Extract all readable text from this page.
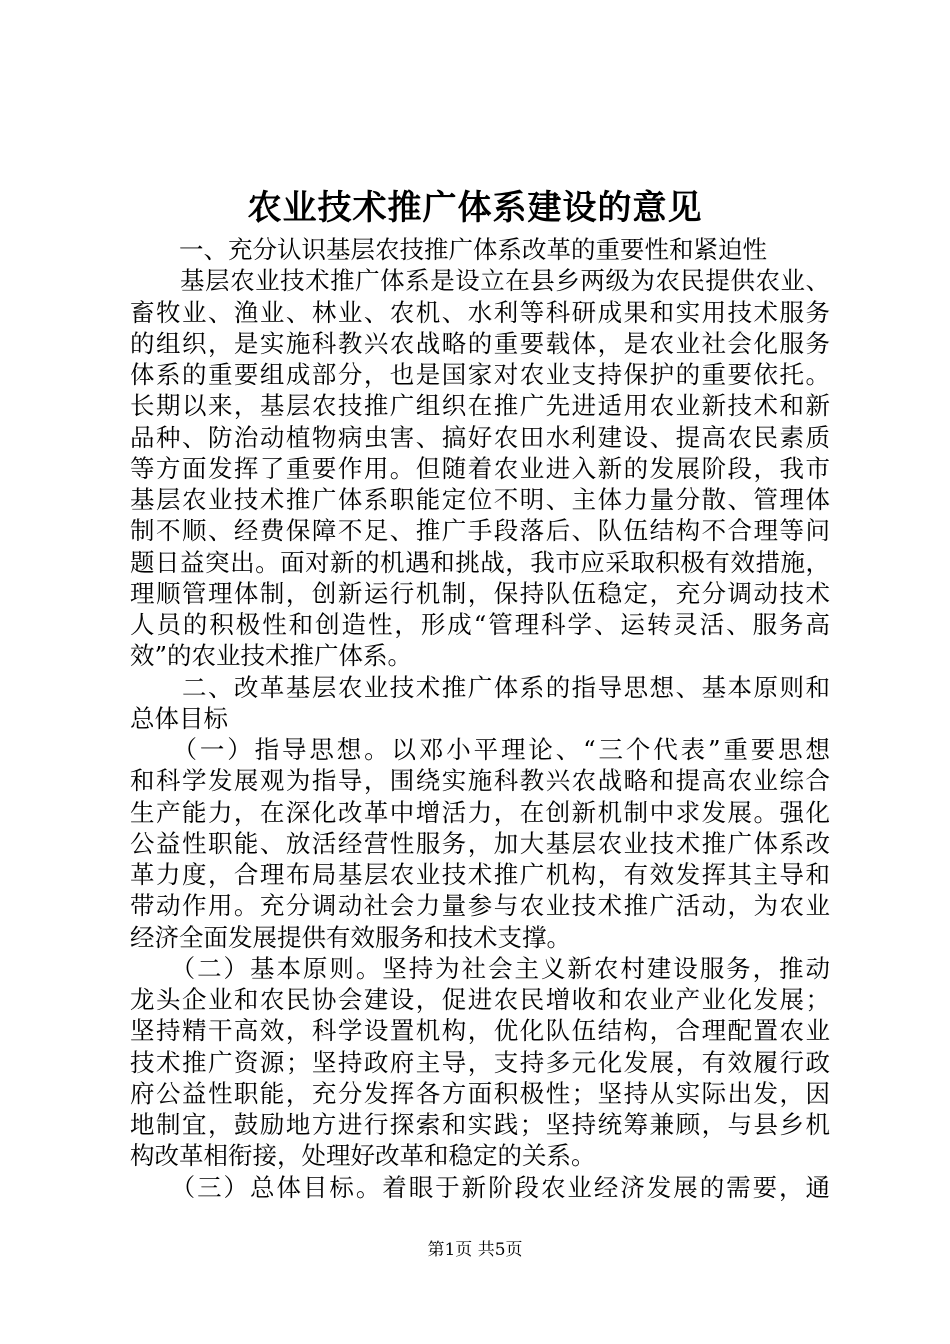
农业技术推广体系建设的意见
　　一、充分认识基层农技推广体系改革的重要性和紧迫性
　　基层农业技术推广体系是设立在县乡两级为农民提供农业、
畜牧业、渔业、林业、农机、水利等科研成果和实用技术服务
的组织，是实施科教兴农战略的重要载体，是农业社会化服务
体系的重要组成部分，也是国家对农业支持保护的重要依托。
长期以来，基层农技推广组织在推广先进适用农业新技术和新
品种、防治动植物病虫害、搞好农田水利建设、提高农民素质
等方面发挥了重要作用。但随着农业进入新的发展阶段，我市
基层农业技术推广体系职能定位不明、主体力量分散、管理体
制不顺、经费保障不足、推广手段落后、队伍结构不合理等问
题日益突出。面对新的机遇和挑战，我市应采取积极有效措施，
理顺管理体制，创新运行机制，保持队伍稳定，充分调动技术
人员的积极性和创造性，形成“管理科学、运转灵活、服务高
效”的农业技术推广体系。
　　二、改革基层农业技术推广体系的指导思想、基本原则和
总体目标
　　（一）指导思想。以邓小平理论、“三个代表”重要思想
和科学发展观为指导，围绕实施科教兴农战略和提高农业综合
生产能力，在深化改革中增活力，在创新机制中求发展。强化
公益性职能、放活经营性服务，加大基层农业技术推广体系改
革力度，合理布局基层农业技术推广机构，有效发挥其主导和
带动作用。充分调动社会力量参与农业技术推广活动，为农业
经济全面发展提供有效服务和技术支撑。
　　（二）基本原则。坚持为社会主义新农村建设服务，推动
龙头企业和农民协会建设，促进农民增收和农业产业化发展；
坚持精干高效，科学设置机构，优化队伍结构，合理配置农业
技术推广资源；坚持政府主导，支持多元化发展，有效履行政
府公益性职能，充分发挥各方面积极性；坚持从实际出发，因
地制宜，鼓励地方进行探索和实践；坚持统筹兼顾，与县乡机
构改革相衔接，处理好改革和稳定的关系。
　　（三）总体目标。着眼于新阶段农业经济发展的需要，通
第1页 共5页
